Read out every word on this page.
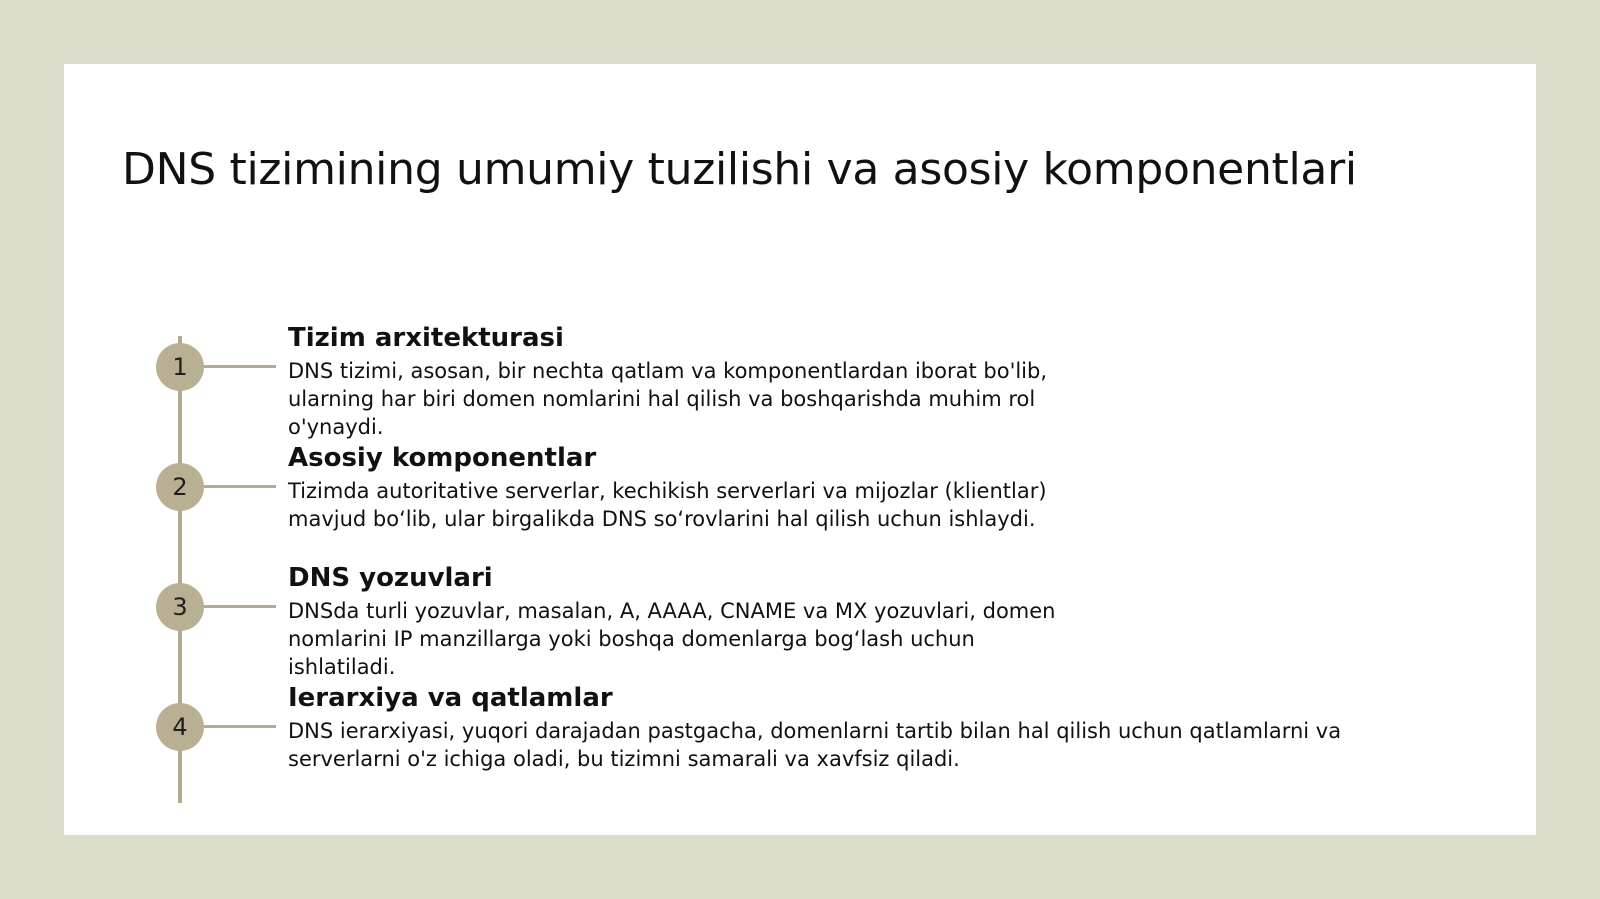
DNS tizimining umumiy tuzilishi va asosiy komponentlari
1
Tizim arxitekturasi

DNS tizimi, asosan, bir nechta qatlam va komponentlardan iborat bo'lib,
ularning har biri domen nomlarini hal qilish va boshqarishda muhim rol
o'ynaydi.

2
Asosiy komponentlar

Tizimda autoritative serverlar, kechikish serverlari va mijozlar (klientlar)
mavjud bo‘lib, ular birgalikda DNS so‘rovlarini hal qilish uchun ishlaydi.

3
DNS yozuvlari

DNSda turli yozuvlar, masalan, A, AAAA, CNAME va MX yozuvlari, domen
nomlarini IP manzillarga yoki boshqa domenlarga bog‘lash uchun
ishlatiladi.

4
Ierarxiya va qatlamlar

DNS ierarxiyasi, yuqori darajadan pastgacha, domenlarni tartib bilan hal qilish uchun qatlamlarni va
serverlarni o'z ichiga oladi, bu tizimni samarali va xavfsiz qiladi.
